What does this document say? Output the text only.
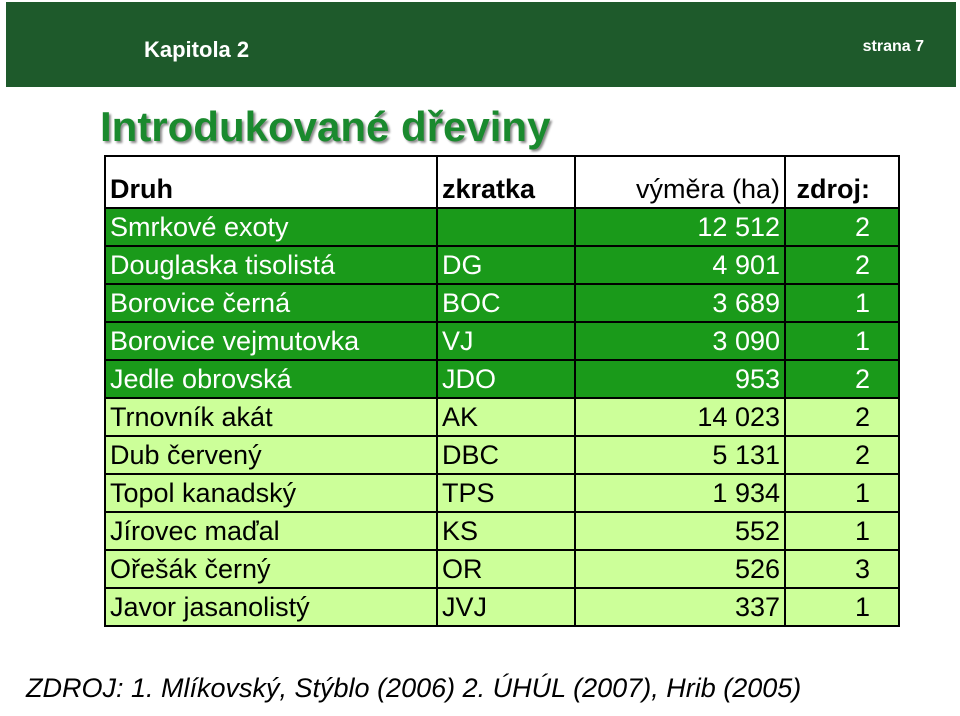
Kapitola 2	strana 7
Introdukované dřeviny
Druh	zkratka	výměra (ha)	zdroj:
Smrkové exoty		12 512	2
Douglaska tisolistá	DG	4 901	2
Borovice černá	BOC	3 689	1
Borovice vejmutovka	VJ	3 090	1
Jedle obrovská	JDO	953	2
Trnovník akát	AK	14 023	2
Dub červený	DBC	5 131	2
Topol kanadský	TPS	1 934	1
Jírovec maďal	KS	552	1
Ořešák černý	OR	526	3
Javor jasanolistý	JVJ	337	1
ZDROJ: 1. Mlíkovský, Stýblo (2006) 2. ÚHÚL (2007), Hrib (2005)
